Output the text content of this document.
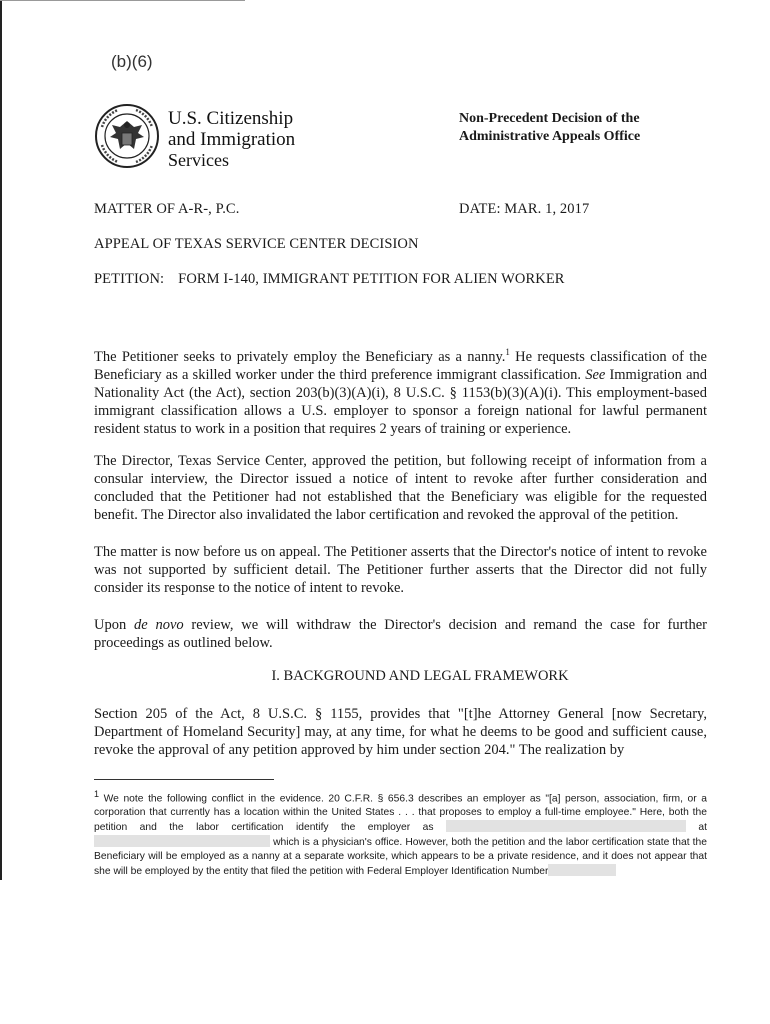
(b)(6)
U.S. Citizenship
and Immigration
Services
Non-Precedent Decision of the
Administrative Appeals Office
MATTER OF A-R-, P.C.	DATE: MAR. 1, 2017
APPEAL OF TEXAS SERVICE CENTER DECISION
PETITION: FORM I-140, IMMIGRANT PETITION FOR ALIEN WORKER

The Petitioner seeks to privately employ the Beneficiary as a nanny.$^1$ He requests classification of the Beneficiary as a skilled worker under the third preference immigrant classification. See Immigration and Nationality Act (the Act), section 203(b)(3)(A)(i), 8 U.S.C. § 1153(b)(3)(A)(i). This employment-based immigrant classification allows a U.S. employer to sponsor a foreign national for lawful permanent resident status to work in a position that requires 2 years of training or experience.

The Director, Texas Service Center, approved the petition, but following receipt of information from a consular interview, the Director issued a notice of intent to revoke after further consideration and concluded that the Petitioner had not established that the Beneficiary was eligible for the requested benefit. The Director also invalidated the labor certification and revoked the approval of the petition.

The matter is now before us on appeal. The Petitioner asserts that the Director's notice of intent to revoke was not supported by sufficient detail. The Petitioner further asserts that the Director did not fully consider its response to the notice of intent to revoke.

Upon de novo review, we will withdraw the Director's decision and remand the case for further proceedings as outlined below.

I. BACKGROUND AND LEGAL FRAMEWORK

Section 205 of the Act, 8 U.S.C. § 1155, provides that "[t]he Attorney General [now Secretary, Department of Homeland Security] may, at any time, for what he deems to be good and sufficient cause, revoke the approval of any petition approved by him under section 204." The realization by

$^1$ We note the following conflict in the evidence. 20 C.F.R. § 656.3 describes an employer as "[a] person, association, firm, or a corporation that currently has a location within the United States . . . that proposes to employ a full-time employee." Here, both the petition and the labor certification identify the employer as	at  which is a physician's office. However, both the petition and the labor certification state that the Beneficiary will be employed as a nanny at a separate worksite, which appears to be a private residence, and it does not appear that she will be employed by the entity that filed the petition with Federal Employer Identification Number
